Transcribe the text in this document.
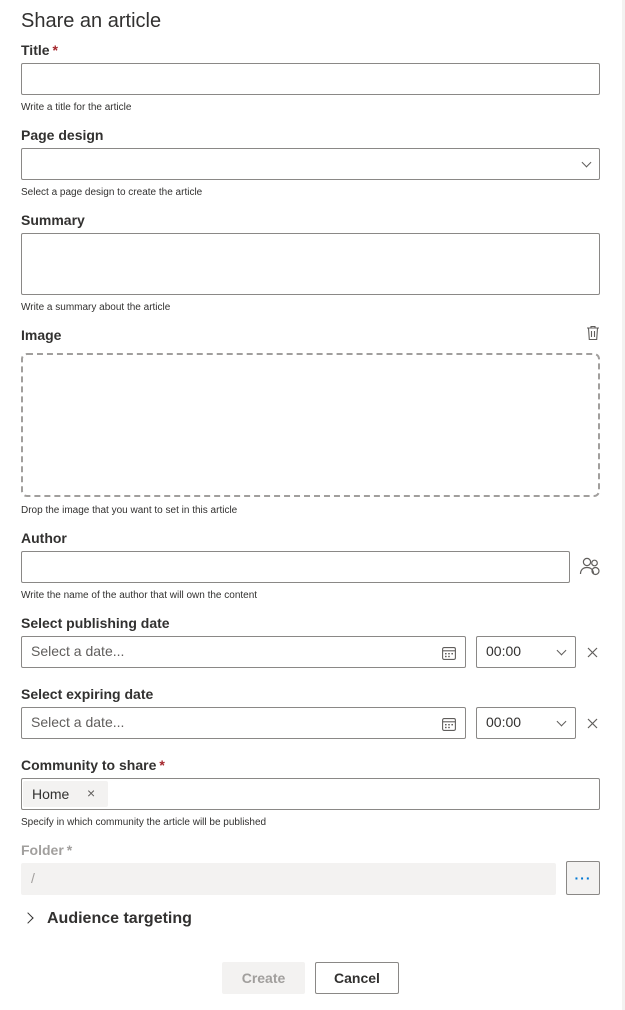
Share an article
Title *
Write a title for the article
Page design
Select a page design to create the article
Summary
Write a summary about the article
Image
Drop the image that you want to set in this article
Author
Write the name of the author that will own the content
Select publishing date
Select a date...	00:00
Select expiring date
Select a date...	00:00
Community to share *
Home ×
Specify in which community the article will be published
Folder *
/	···
Audience targeting
Create	Cancel
